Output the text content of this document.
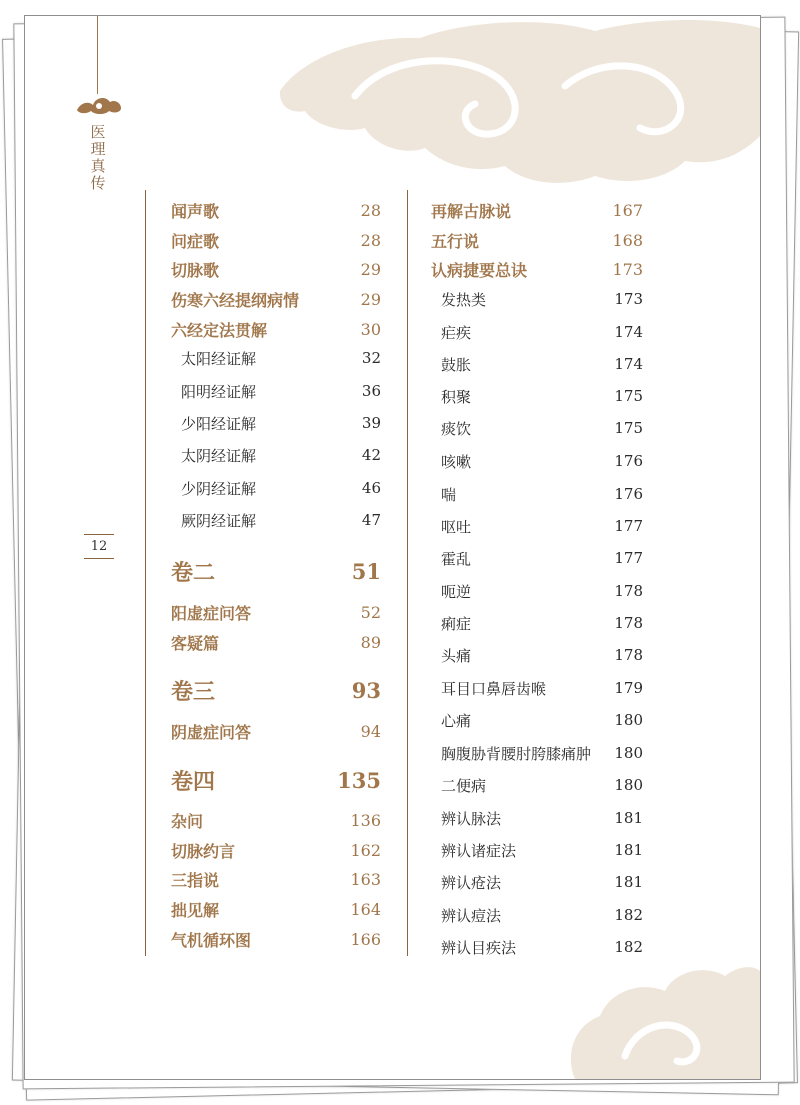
医理真传
12
闻声歌	28
问症歌	28
切脉歌	29
伤寒六经提纲病情	29
六经定法贯解	30
太阳经证解	32
阳明经证解	36
少阳经证解	39
太阴经证解	42
少阴经证解	46
厥阴经证解	47
卷二	51
阳虚症问答	52
客疑篇	89
卷三	93
阴虚症问答	94
卷四	135
杂问	136
切脉约言	162
三指说	163
拙见解	164
气机循环图	166
再解古脉说	167
五行说	168
认病捷要总诀	173
发热类	173
疟疾	174
鼓胀	174
积聚	175
痰饮	175
咳嗽	176
喘	176
呕吐	177
霍乱	177
呃逆	178
痢症	178
头痛	178
耳目口鼻唇齿喉	179
心痛	180
胸腹胁背腰肘胯膝痛肿 180
二便病	180
辨认脉法	181
辨认诸症法	181
辨认疮法	181
辨认痘法	182
辨认目疾法	182
